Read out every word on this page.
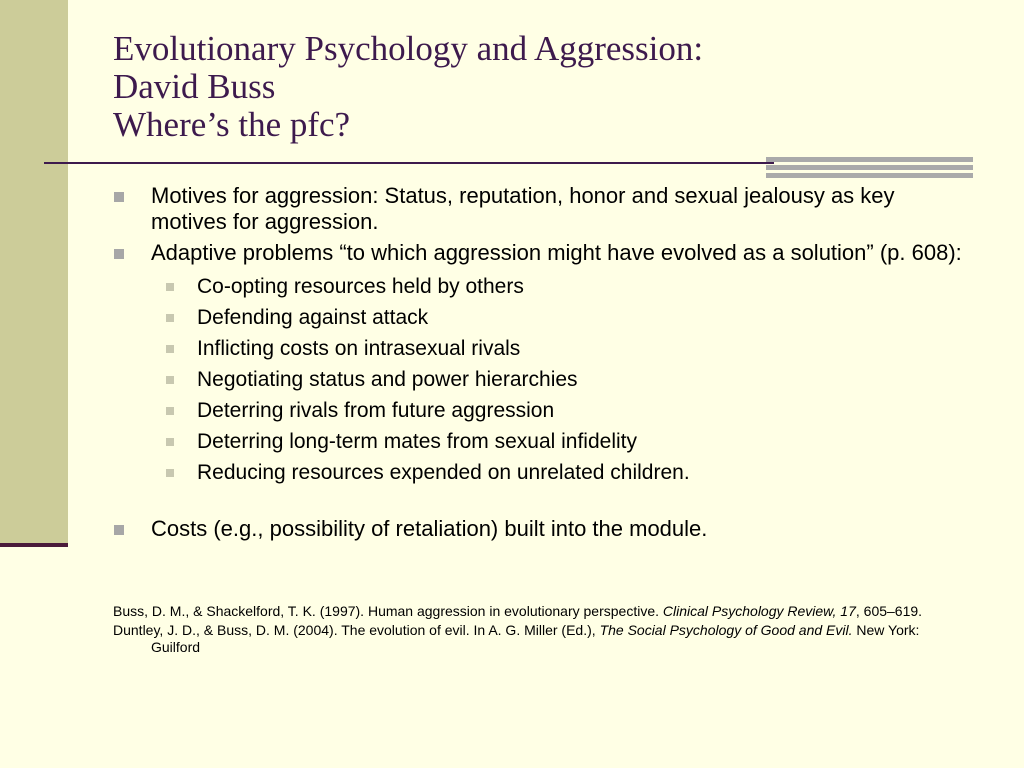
Evolutionary Psychology and Aggression:
David Buss
Where’s the pfc?
Motives for aggression: Status, reputation, honor and sexual jealousy as key motives for aggression.
Adaptive problems “to which aggression might have evolved as a solution” (p. 608):
Co-opting resources held by others
Defending against attack
Inflicting costs on intrasexual rivals
Negotiating status and power hierarchies
Deterring rivals from future aggression
Deterring long-term mates from sexual infidelity
Reducing resources expended on unrelated children.
Costs (e.g., possibility of retaliation) built into the module.
Buss, D. M., & Shackelford, T. K. (1997). Human aggression in evolutionary perspective. Clinical Psychology Review, 17, 605–619.
Duntley, J. D., & Buss, D. M. (2004). The evolution of evil. In A. G. Miller (Ed.), The Social Psychology of Good and Evil. New York: Guilford
